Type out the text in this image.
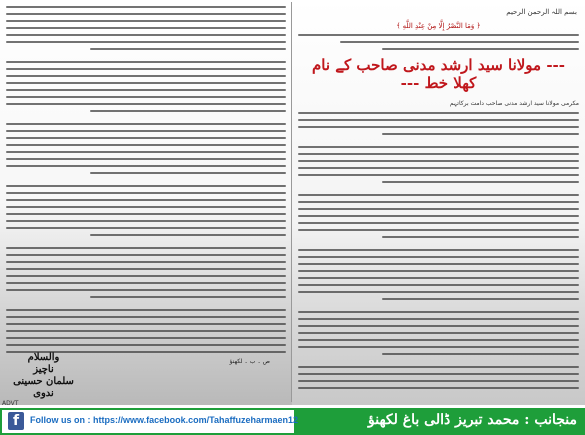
بسم اللہ الرحمن الرحیم
﴿ وَمَا النَّصْرُ إِلَّا مِنْ عِنْدِ اللَّهِ ﴾
--- مولانا سید ارشد مدنی صاحب کے نام کھلا خط ---
مکرمی مولانا سید ارشد مدنی صاحب دامت برکاتہم
والسلام
ناچیز
سلمان حسینی ندوی
ص ۔ ب ۔ لکھنؤ
ADVT
f	Follow us on : https://www.facebook.com/Tahaffuzeharmaen12	منجانب : محمد تبریز ڈالی باغ لکھنؤ
